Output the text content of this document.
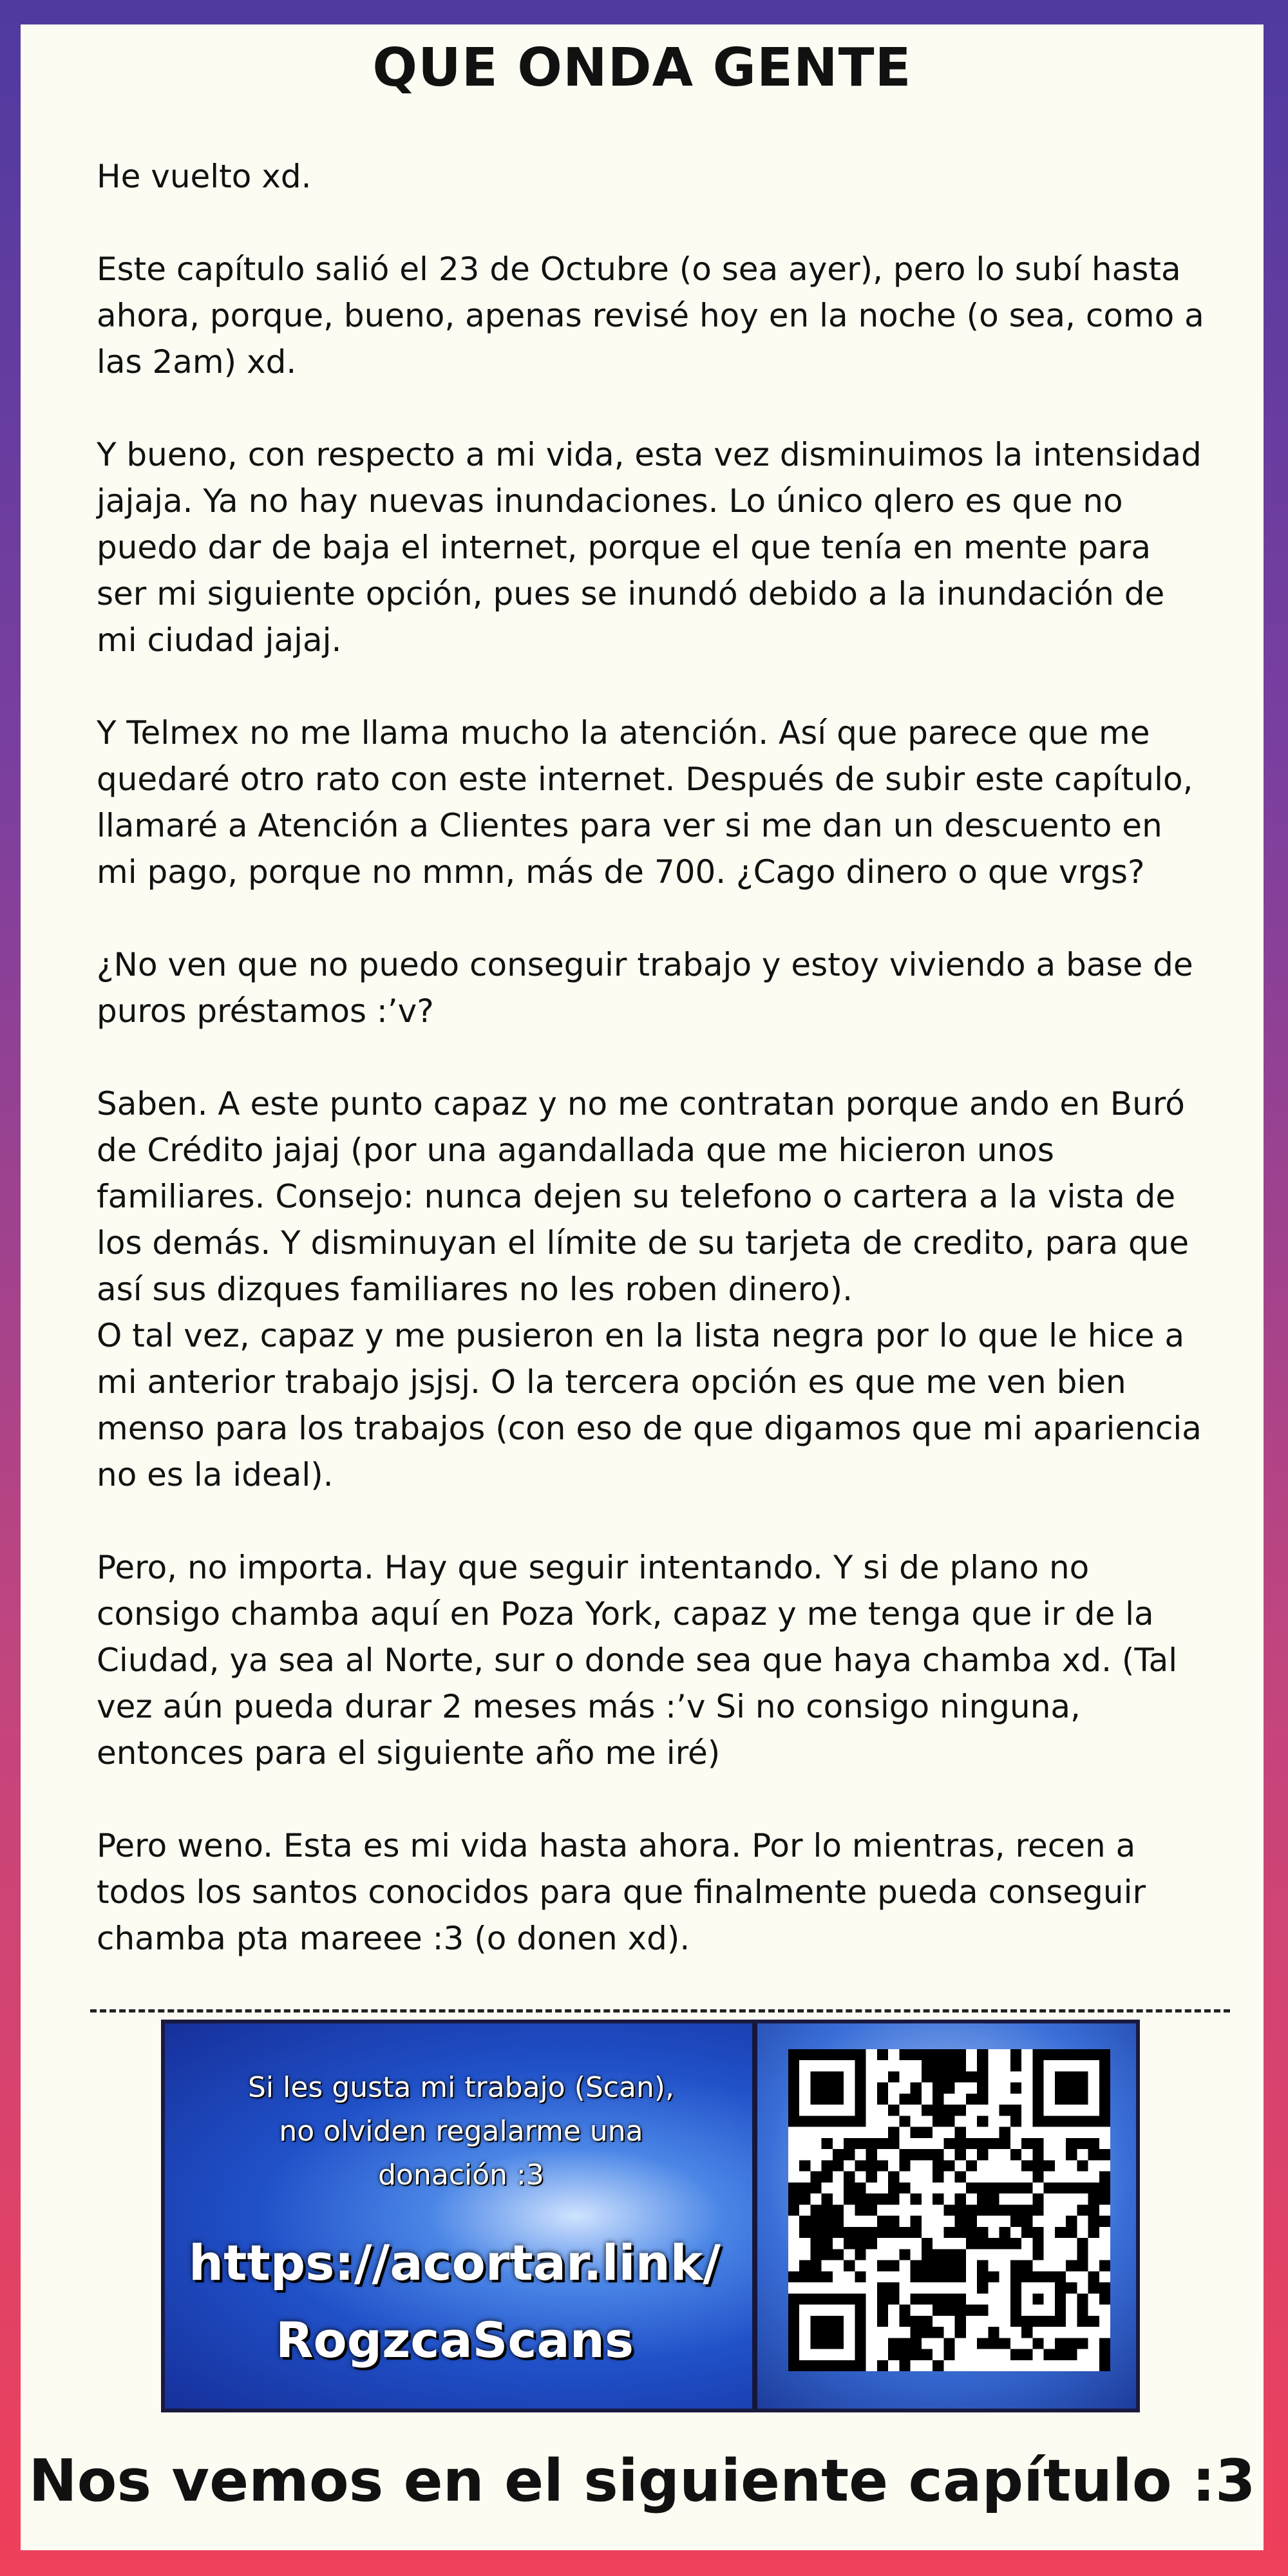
QUE ONDA GENTE

He vuelto xd.

Este capítulo salió el 23 de Octubre (o sea ayer), pero lo subí hasta ahora, porque, bueno, apenas revisé hoy en la noche (o sea, como a las 2am) xd.

Y bueno, con respecto a mi vida, esta vez disminuimos la intensidad jajaja. Ya no hay nuevas inundaciones. Lo único qlero es que no puedo dar de baja el internet, porque el que tenía en mente para ser mi siguiente opción, pues se inundó debido a la inundación de mi ciudad jajaj.

Y Telmex no me llama mucho la atención. Así que parece que me quedaré otro rato con este internet. Después de subir este capítulo, llamaré a Atención a Clientes para ver si me dan un descuento en mi pago, porque no mmn, más de 700. ¿Cago dinero o que vrgs?

¿No ven que no puedo conseguir trabajo y estoy viviendo a base de puros préstamos :’v?

Saben. A este punto capaz y no me contratan porque ando en Buró de Crédito jajaj (por una agandallada que me hicieron unos familiares. Consejo: nunca dejen su telefono o cartera a la vista de los demás. Y disminuyan el límite de su tarjeta de credito, para que así sus dizques familiares no les roben dinero).

O tal vez, capaz y me pusieron en la lista negra por lo que le hice a mi anterior trabajo jsjsj. O la tercera opción es que me ven bien menso para los trabajos (con eso de que digamos que mi apariencia no es la ideal).

Pero, no importa. Hay que seguir intentando. Y si de plano no consigo chamba aquí en Poza York, capaz y me tenga que ir de la Ciudad, ya sea al Norte, sur o donde sea que haya chamba xd. (Tal vez aún pueda durar 2 meses más :’v Si no consigo ninguna, entonces para el siguiente año me iré)

Pero weno. Esta es mi vida hasta ahora. Por lo mientras, recen a todos los santos conocidos para que finalmente pueda conseguir chamba pta mareee :3 (o donen xd).

Si les gusta mi trabajo (Scan),
no olviden regalarme una
donación :3
https://acortar.link/
RogzcaScans
Nos vemos en el siguiente capítulo :3
